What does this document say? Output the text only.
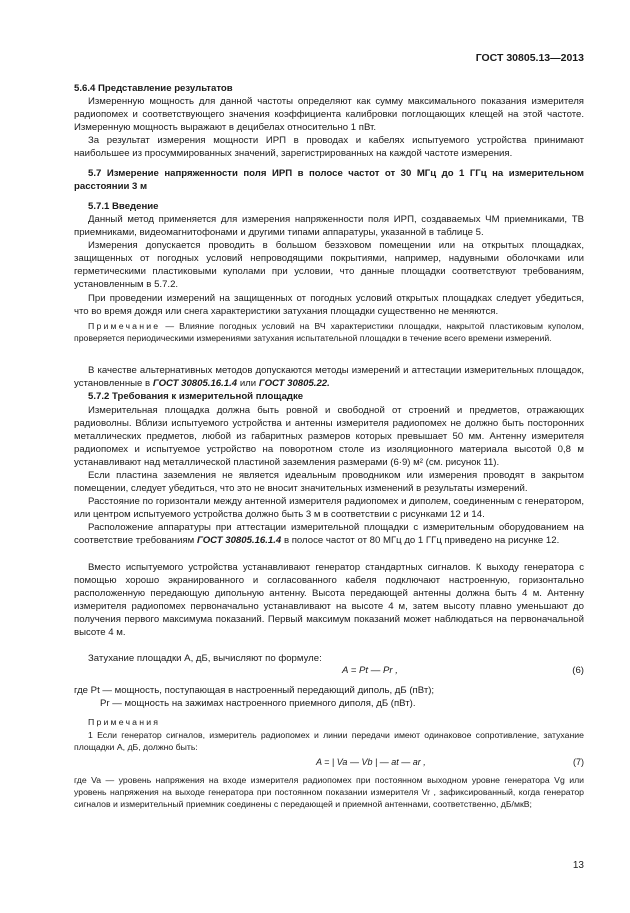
ГОСТ 30805.13—2013
5.6.4 Представление результатов
Измеренную мощность для данной частоты определяют как сумму максимального показания измерителя радиопомех и соответствующего значения коэффициента калибровки поглощающих клещей на этой частоте. Измеренную мощность выражают в децибелах относительно 1 пВт.
За результат измерения мощности ИРП в проводах и кабелях испытуемого устройства принимают наибольшее из просуммированных значений, зарегистрированных на каждой частоте измерения.
5.7 Измерение напряженности поля ИРП в полосе частот от 30 МГц до 1 ГГц на измерительном расстоянии 3 м
5.7.1 Введение
Данный метод применяется для измерения напряженности поля ИРП, создаваемых ЧМ приемниками, ТВ приемниками, видеомагнитофонами и другими типами аппаратуры, указанной в таблице 5.
Измерения допускается проводить в большом безэховом помещении или на открытых площадках, защищенных от погодных условий непроводящими покрытиями, например, надувными оболочками или герметическими пластиковыми куполами при условии, что данные площадки соответствуют требованиям, установленным в 5.7.2.
При проведении измерений на защищенных от погодных условий открытых площадках следует убедиться, что во время дождя или снега характеристики затухания площадки существенно не меняются.
Примечание — Влияние погодных условий на ВЧ характеристики площадки, накрытой пластиковым куполом, проверяется периодическими измерениями затухания испытательной площадки в течение всего времени измерений.
В качестве альтернативных методов допускаются методы измерений и аттестации измерительных площадок, установленные в ГОСТ 30805.16.1.4 или ГОСТ 30805.22.
5.7.2 Требования к измерительной площадке
Измерительная площадка должна быть ровной и свободной от строений и предметов, отражающих радиоволны. Вблизи испытуемого устройства и антенны измерителя радиопомех не должно быть посторонних металлических предметов, любой из габаритных размеров которых превышает 50 мм. Антенну измерителя радиопомех и испытуемое устройство на поворотном столе из изоляционного материала высотой 0,8 м устанавливают над металлической пластиной заземления размерами (6·9) м² (см. рисунок 11).
Если пластина заземления не является идеальным проводником или измерения проводят в закрытом помещении, следует убедиться, что это не вносит значительных изменений в результаты измерений.
Расстояние по горизонтали между антенной измерителя радиопомех и диполем, соединенным с генератором, или центром испытуемого устройства должно быть 3 м в соответствии с рисунками 12 и 14.
Расположение аппаратуры при аттестации измерительной площадки с измерительным оборудованием на соответствие требованиям ГОСТ 30805.16.1.4 в полосе частот от 80 МГц до 1 ГГц приведено на рисунке 12.
Вместо испытуемого устройства устанавливают генератор стандартных сигналов. К выходу генератора с помощью хорошо экранированного и согласованного кабеля подключают настроенную, горизонтально расположенную передающую дипольную антенну. Высота передающей антенны должна быть 4 м. Антенну измерителя радиопомех первоначально устанавливают на высоте 4 м, затем высоту плавно уменьшают до получения первого максимума показаний. Первый максимум показаний может наблюдаться на первоначальной высоте 4 м.
Затухание площадки А, дБ, вычисляют по формуле:
A = Pt — Pr ,	(6)
где Pt — мощность, поступающая в настроенный передающий диполь, дБ (пВт);
Pr — мощность на зажимах настроенного приемного диполя, дБ (пВт).
Примечания
1 Если генератор сигналов, измеритель радиопомех и линии передачи имеют одинаковое сопротивление, затухание площадки А, дБ, должно быть:
A = | Va — Vb | — at — ar ,	(7)
где Va — уровень напряжения на входе измерителя радиопомех при постоянном выходном уровне генератора Vg или уровень напряжения на выходе генератора при постоянном показании измерителя Vr , зафиксированный, когда генератор сигналов и измерительный приемник соединены с передающей и приемной антеннами, соответственно, дБ/мкВ;
13
